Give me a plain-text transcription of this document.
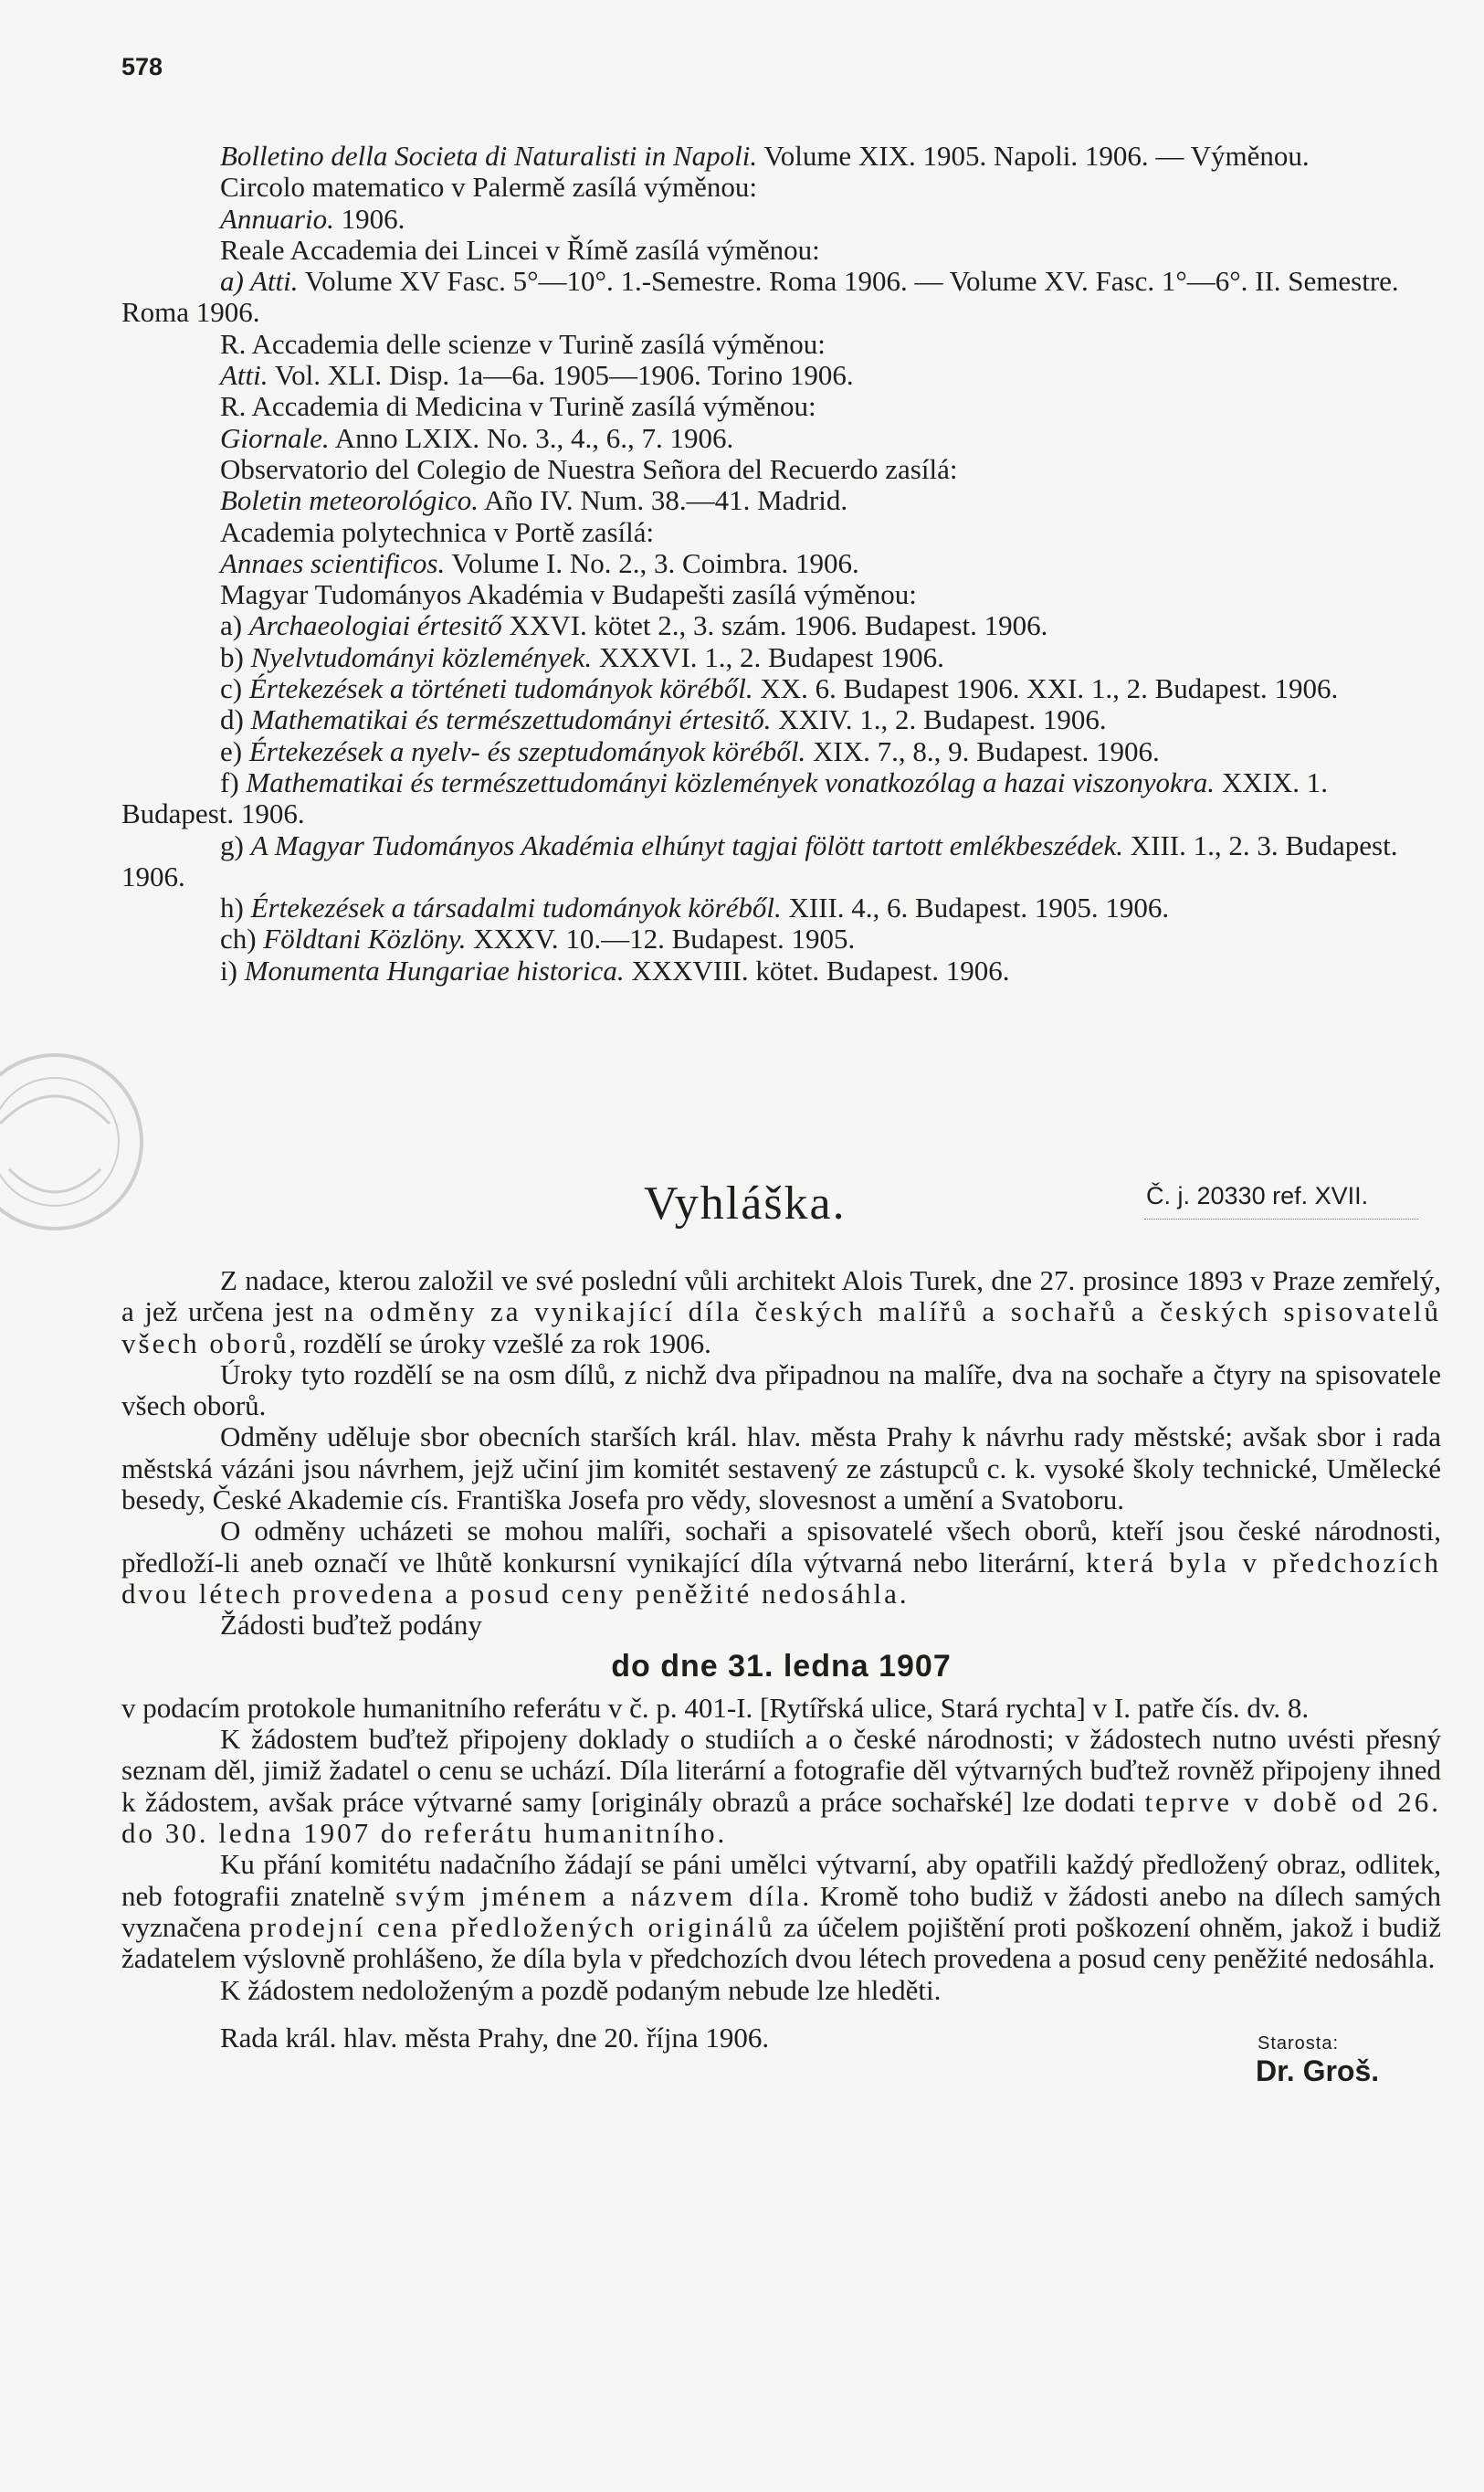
578

Bolletino della Societa di Naturalisti in Napoli. Volume XIX. 1905. Napoli. 1906. — Výměnou.

Circolo matematico v Palermě zasílá výměnou:

Annuario. 1906.

Reale Accademia dei Lincei v Římě zasílá výměnou:

a) Atti. Volume XV Fasc. 5°—10°. 1.-Semestre. Roma 1906. — Volume XV. Fasc. 1°—6°. II. Semestre. Roma 1906.

R. Accademia delle scienze v Turině zasílá výměnou:

Atti. Vol. XLI. Disp. 1a—6a. 1905—1906. Torino 1906.

R. Accademia di Medicina v Turině zasílá výměnou:

Giornale. Anno LXIX. No. 3., 4., 6., 7. 1906.

Observatorio del Colegio de Nuestra Señora del Recuerdo zasílá:

Boletin meteorológico. Año IV. Num. 38.—41. Madrid.

Academia polytechnica v Portě zasílá:

Annaes scientificos. Volume I. No. 2., 3. Coimbra. 1906.

Magyar Tudományos Akadémia v Budapešti zasílá výměnou:

a) Archaeologiai értesitő XXVI. kötet 2., 3. szám. 1906. Budapest. 1906.

b) Nyelvtudományi közlemények. XXXVI. 1., 2. Budapest 1906.

c) Értekezések a történeti tudományok köréből. XX. 6. Budapest 1906. XXI. 1., 2. Budapest. 1906.

d) Mathematikai és természettudományi értesitő. XXIV. 1., 2. Budapest. 1906.

e) Értekezések a nyelv- és szeptudományok köréből. XIX. 7., 8., 9. Budapest. 1906.

f) Mathematikai és természettudományi közlemények vonatkozólag a hazai viszonyokra. XXIX. 1. Budapest. 1906.

g) A Magyar Tudományos Akadémia elhúnyt tagjai fölött tartott emlékbeszédek. XIII. 1., 2. 3. Budapest. 1906.

h) Értekezések a társadalmi tudományok köréből. XIII. 4., 6. Budapest. 1905. 1906.

ch) Földtani Közlöny. XXXV. 10.—12. Budapest. 1905.

i) Monumenta Hungariae historica. XXXVIII. kötet. Budapest. 1906.

Vyhláška.	Č. j. 20330 ref. XVII.

Z nadace, kterou založil ve své poslední vůli architekt Alois Turek, dne 27. prosince 1893 v Praze zemřelý, a jež určena jest na odměny za vynikající díla českých malířů a sochařů a českých spisovatelů všech oborů, rozdělí se úroky vzešlé za rok 1906.

Úroky tyto rozdělí se na osm dílů, z nichž dva připadnou na malíře, dva na sochaře a čtyry na spisovatele všech oborů.

Odměny uděluje sbor obecních starších král. hlav. města Prahy k návrhu rady městské; avšak sbor i rada městská vázáni jsou návrhem, jejž učiní jim komitét sestavený ze zástupců c. k. vysoké školy technické, Umělecké besedy, České Akademie cís. Františka Josefa pro vědy, slovesnost a umění a Svatoboru.

O odměny ucházeti se mohou malíři, sochaři a spisovatelé všech oborů, kteří jsou české národnosti, předloží-li aneb označí ve lhůtě konkursní vynikající díla výtvarná nebo literární, která byla v předchozích dvou létech provedena a posud ceny peněžité nedosáhla.

Žádosti buďtež podány

do dne 31. ledna 1907

v podacím protokole humanitního referátu v č. p. 401-I. [Rytířská ulice, Stará rychta] v I. patře čís. dv. 8.

K žádostem buďtež připojeny doklady o studiích a o české národnosti; v žádostech nutno uvésti přesný seznam děl, jimiž žadatel o cenu se uchází. Díla literární a fotografie děl výtvarných buďtež rovněž připojeny ihned k žádostem, avšak práce výtvarné samy [originály obrazů a práce sochařské] lze dodati teprve v době od 26. do 30. ledna 1907 do referátu humanitního.

Ku přání komitétu nadačního žádají se páni umělci výtvarní, aby opatřili každý předložený obraz, odlitek, neb fotografii znatelně svým jménem a názvem díla. Kromě toho budiž v žádosti anebo na dílech samých vyznačena prodejní cena předložených originálů za účelem pojištění proti poškození ohněm, jakož i budiž žadatelem výslovně prohlášeno, že díla byla v předchozích dvou létech provedena a posud ceny peněžité nedosáhla.

K žádostem nedoloženým a pozdě podaným nebude lze hleděti.

Rada král. hlav. města Prahy, dne 20. října 1906.	Starosta:
Dr. Groš.
